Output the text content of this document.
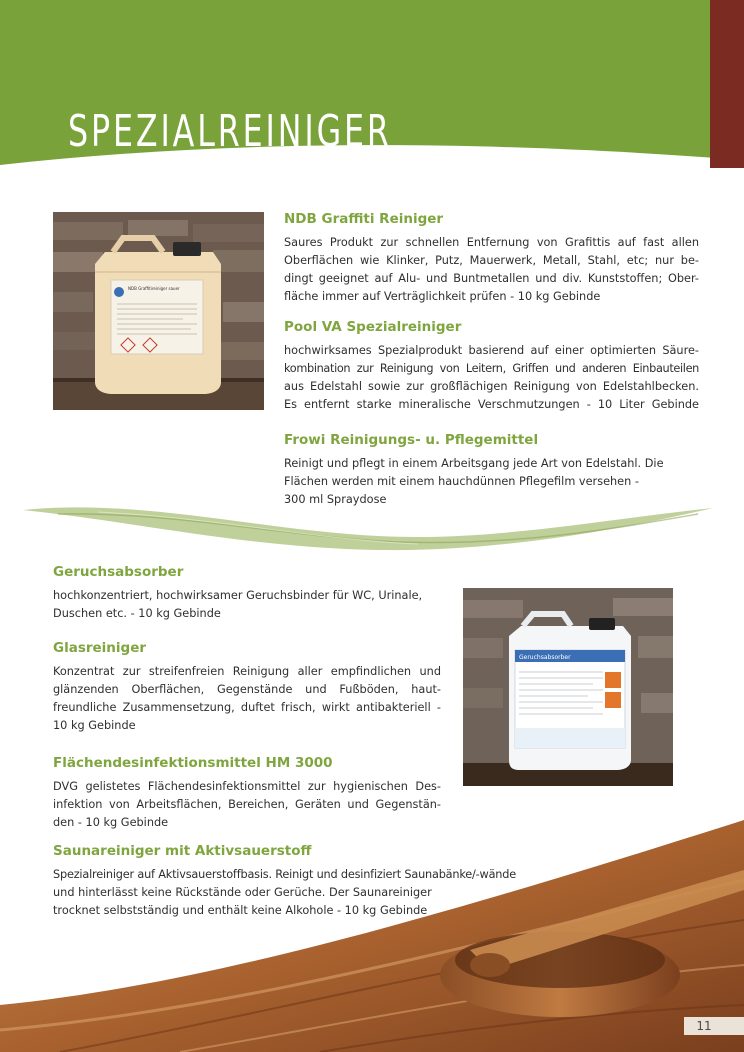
SPEZIALREINIGER
NDB Graffitireiniger sauer
Geruchsabsorber
NDB Graffiti Reiniger

Saures Produkt zur schnellen Entfernung von Grafittis auf fast allen
Oberflächen wie Klinker, Putz, Mauerwerk, Metall, Stahl, etc; nur be-
dingt geeignet auf Alu- und Buntmetallen und div. Kunststoffen; Ober-
fläche immer auf Verträglichkeit prüfen - 10 kg Gebinde

Pool VA Spezialreiniger

hochwirksames Spezialprodukt basierend auf einer optimierten Säure-
kombination zur Reinigung von Leitern, Griffen und anderen Einbauteilen
aus Edelstahl sowie zur großflächigen Reinigung von Edelstahlbecken.
Es entfernt starke mineralische Verschmutzungen - 10 Liter Gebinde

Frowi Reinigungs- u. Pflegemittel

Reinigt und pflegt in einem Arbeitsgang jede Art von Edelstahl. Die
Flächen werden mit einem hauchdünnen Pflegefilm versehen -
300 ml Spraydose

Geruchsabsorber

hochkonzentriert, hochwirksamer Geruchsbinder für WC, Urinale,
Duschen etc. - 10 kg Gebinde

Glasreiniger

Konzentrat zur streifenfreien Reinigung aller empfindlichen und
glänzenden Oberflächen, Gegenstände und Fußböden, haut-
freundliche Zusammensetzung, duftet frisch, wirkt antibakteriell -
10 kg Gebinde

Flächendesinfektionsmittel HM 3000

DVG gelistetes Flächendesinfektionsmittel zur hygienischen Des-
infektion von Arbeitsflächen, Bereichen, Geräten und Gegenstän-
den - 10 kg Gebinde

Saunareiniger mit Aktivsauerstoff

Spezialreiniger auf Aktivsauerstoffbasis. Reinigt und desinfiziert Saunabänke/-wände
und hinterlässt keine Rückstände oder Gerüche. Der Saunareiniger
trocknet selbstständig und enthält keine Alkohole - 10 kg Gebinde

11
